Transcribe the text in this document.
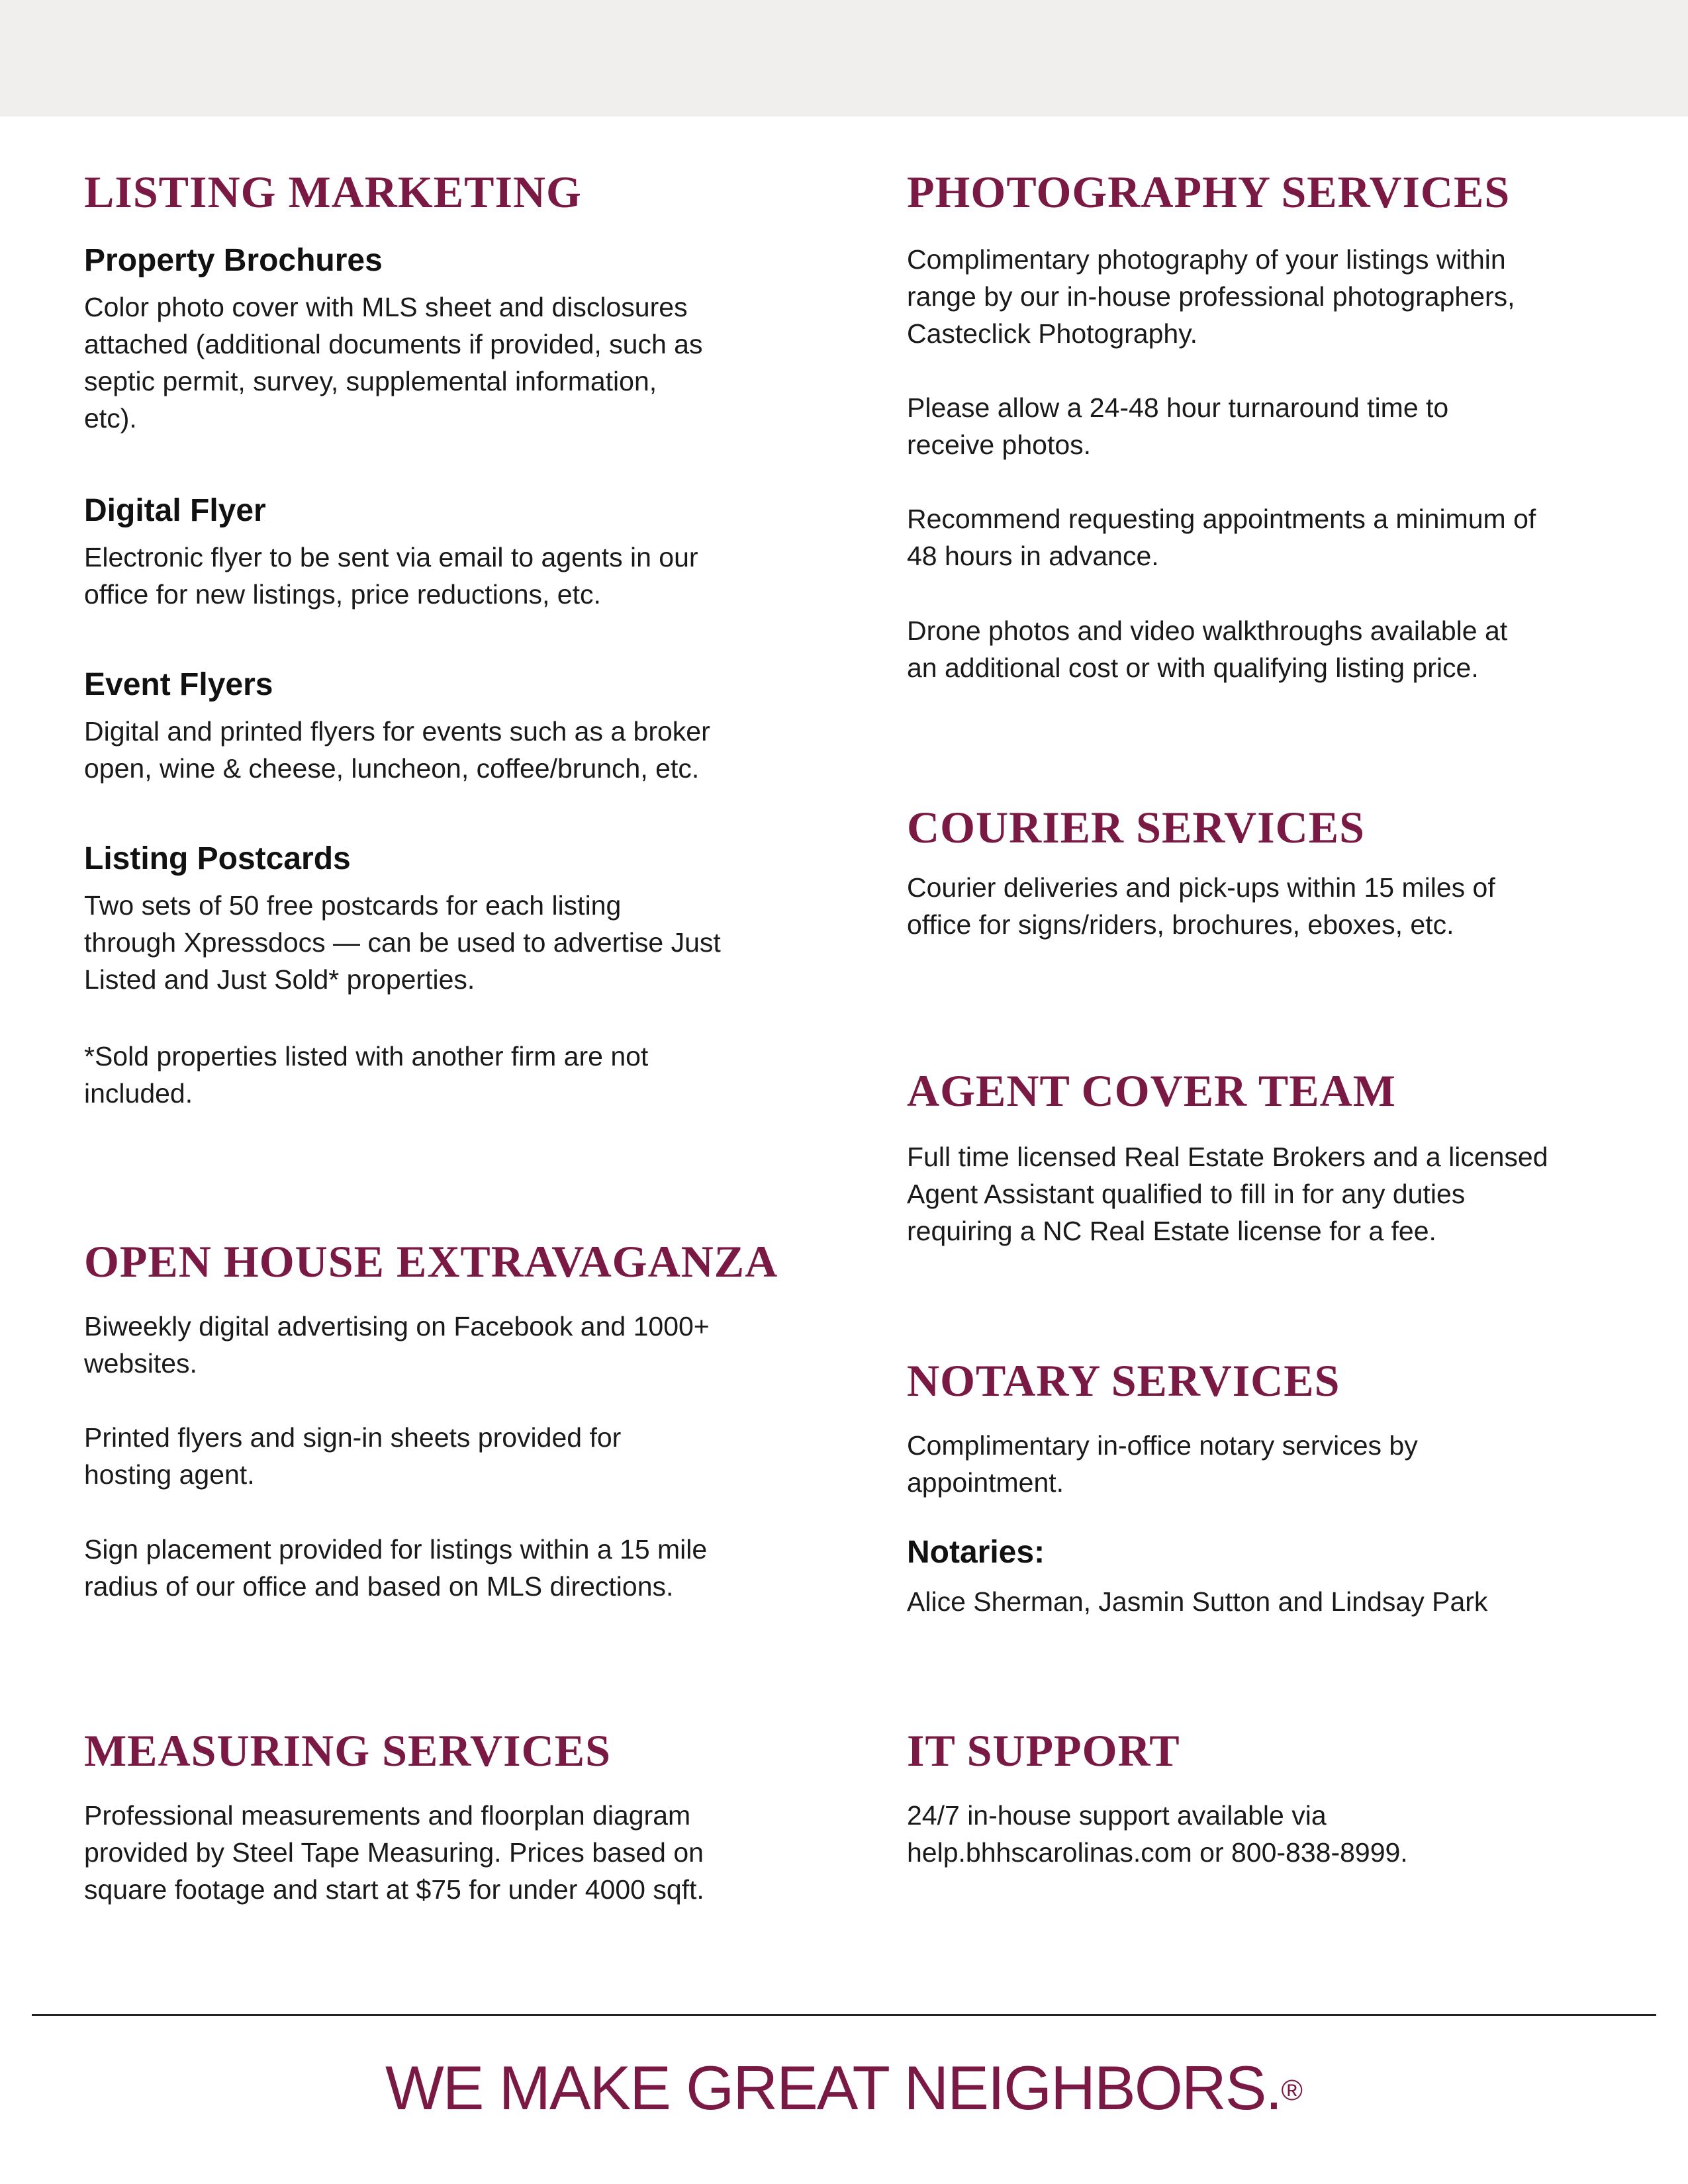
LISTING MARKETING
Property Brochures

Color photo cover with MLS sheet and disclosures
attached (additional documents if provided, such as
septic permit, survey, supplemental information,
etc).

Digital Flyer

Electronic flyer to be sent via email to agents in our
office for new listings, price reductions, etc.

Event Flyers

Digital and printed flyers for events such as a broker
open, wine & cheese, luncheon, coffee/brunch, etc.

Listing Postcards

Two sets of 50 free postcards for each listing
through Xpressdocs — can be used to advertise Just
Listed and Just Sold* properties.

*Sold properties listed with another firm are not
included.

OPEN HOUSE EXTRAVAGANZA

Biweekly digital advertising on Facebook and 1000+
websites.

Printed flyers and sign-in sheets provided for
hosting agent.

Sign placement provided for listings within a 15 mile
radius of our office and based on MLS directions.

MEASURING SERVICES

Professional measurements and floorplan diagram
provided by Steel Tape Measuring. Prices based on
square footage and start at $75 for under 4000 sqft.

PHOTOGRAPHY SERVICES

Complimentary photography of your listings within
range by our in-house professional photographers,
Casteclick Photography.

Please allow a 24-48 hour turnaround time to
receive photos.

Recommend requesting appointments a minimum of
48 hours in advance.

Drone photos and video walkthroughs available at
an additional cost or with qualifying listing price.

COURIER SERVICES

Courier deliveries and pick-ups within 15 miles of
office for signs/riders, brochures, eboxes, etc.

AGENT COVER TEAM

Full time licensed Real Estate Brokers and a licensed
Agent Assistant qualified to fill in for any duties
requiring a NC Real Estate license for a fee.

NOTARY SERVICES

Complimentary in-office notary services by
appointment.

Notaries:

Alice Sherman, Jasmin Sutton and Lindsay Park

IT SUPPORT

24/7 in-house support available via
help.bhhscarolinas.com or 800-838-8999.

WE MAKE GREAT NEIGHBORS.®
